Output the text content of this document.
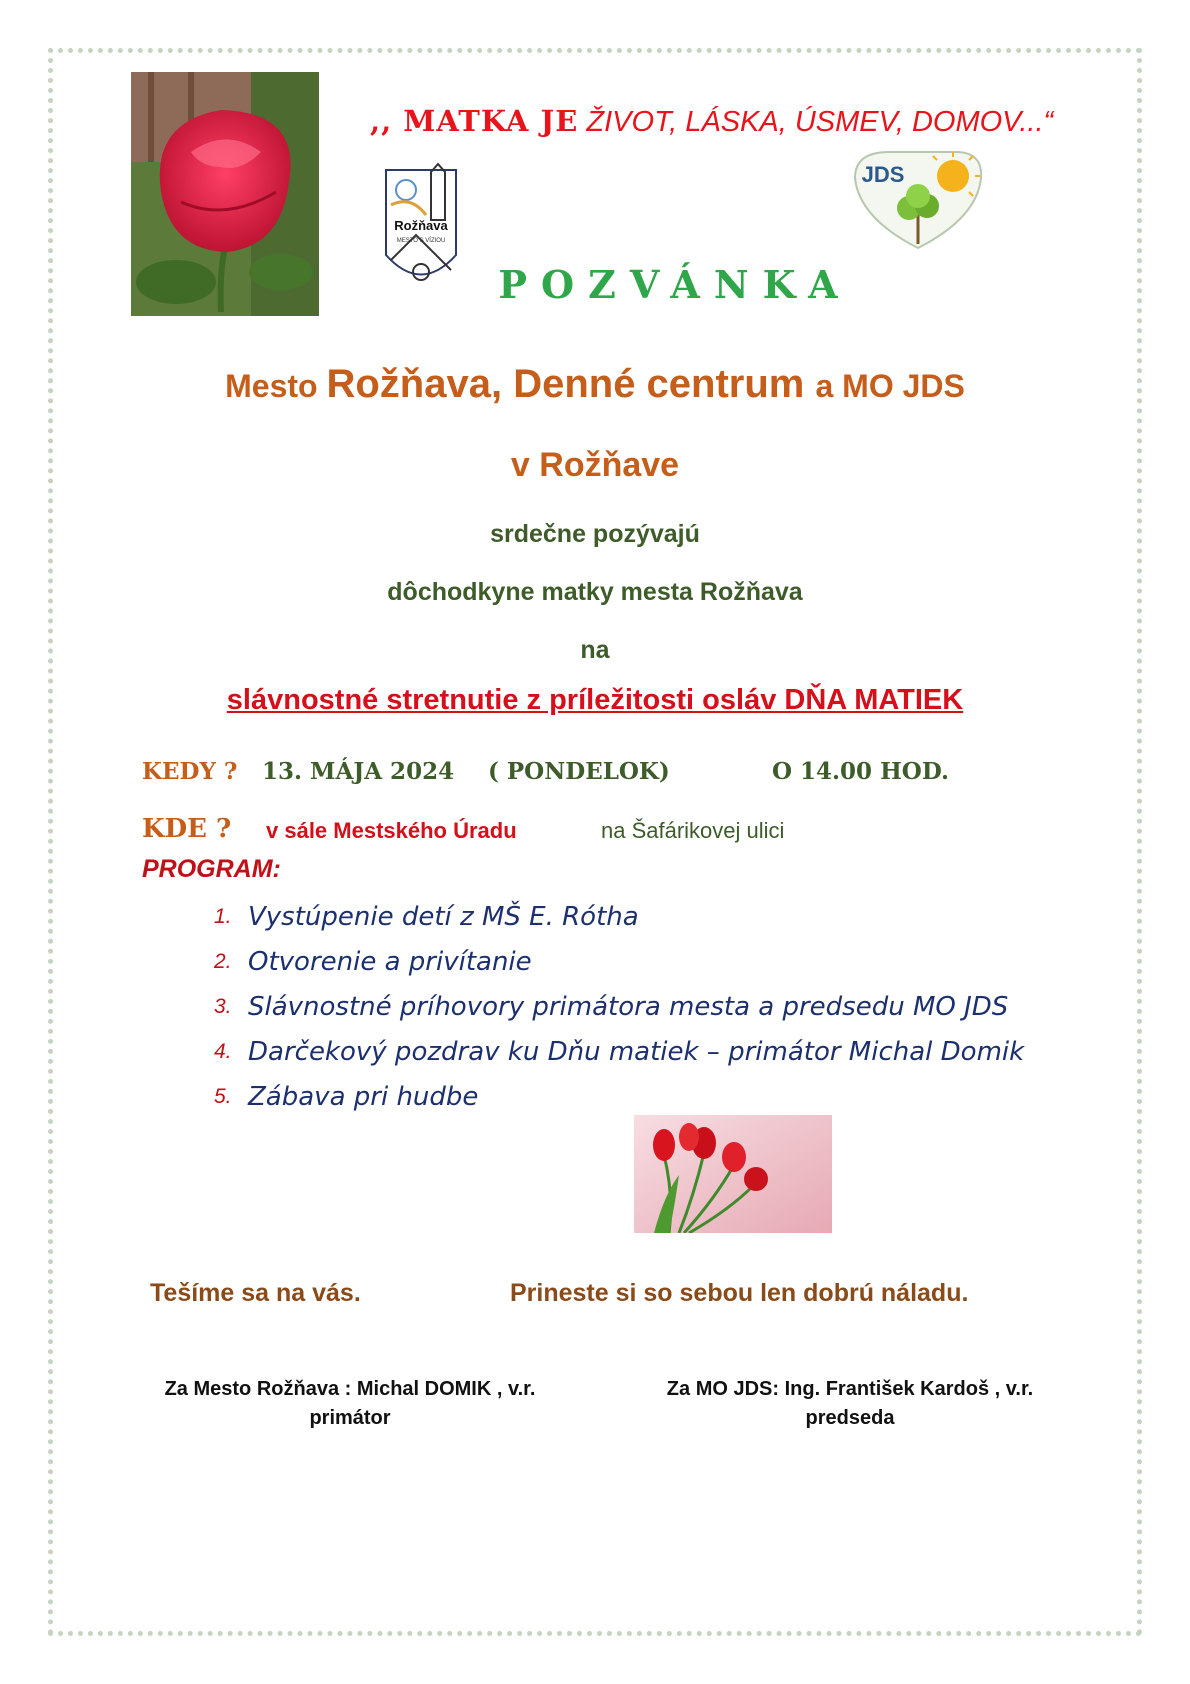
,, MATKA JE ŽIVOT, LÁSKA, ÚSMEV, DOMOV...“
Rožňava
MESTO S VÍZIOU
JDS
POZVÁNKA
Mesto Rožňava, Denné centrum a MO JDS
v Rožňave
srdečne pozývajú
dôchodkyne matky mesta Rožňava
na
slávnostné stretnutie z príležitosti osláv DŇA MATIEK
KEDY ? 13. MÁJA 2024 ( PONDELOK)	O 14.00 HOD.
KDE ? v sále Mestského Úradu	na Šafárikovej ulici
PROGRAM:
1. Vystúpenie detí z MŠ E. Rótha
2. Otvorenie a privítanie
3. Slávnostné príhovory primátora mesta a predsedu MO JDS
4. Darčekový pozdrav ku Dňu matiek – primátor Michal Domik
5. Zábava pri hudbe
Tešíme sa na vás.	Prineste si so sebou len dobrú náladu.
Za Mesto Rožňava : Michal DOMIK , v.r.
primátor
Za MO JDS: Ing. František Kardoš , v.r.
predseda
